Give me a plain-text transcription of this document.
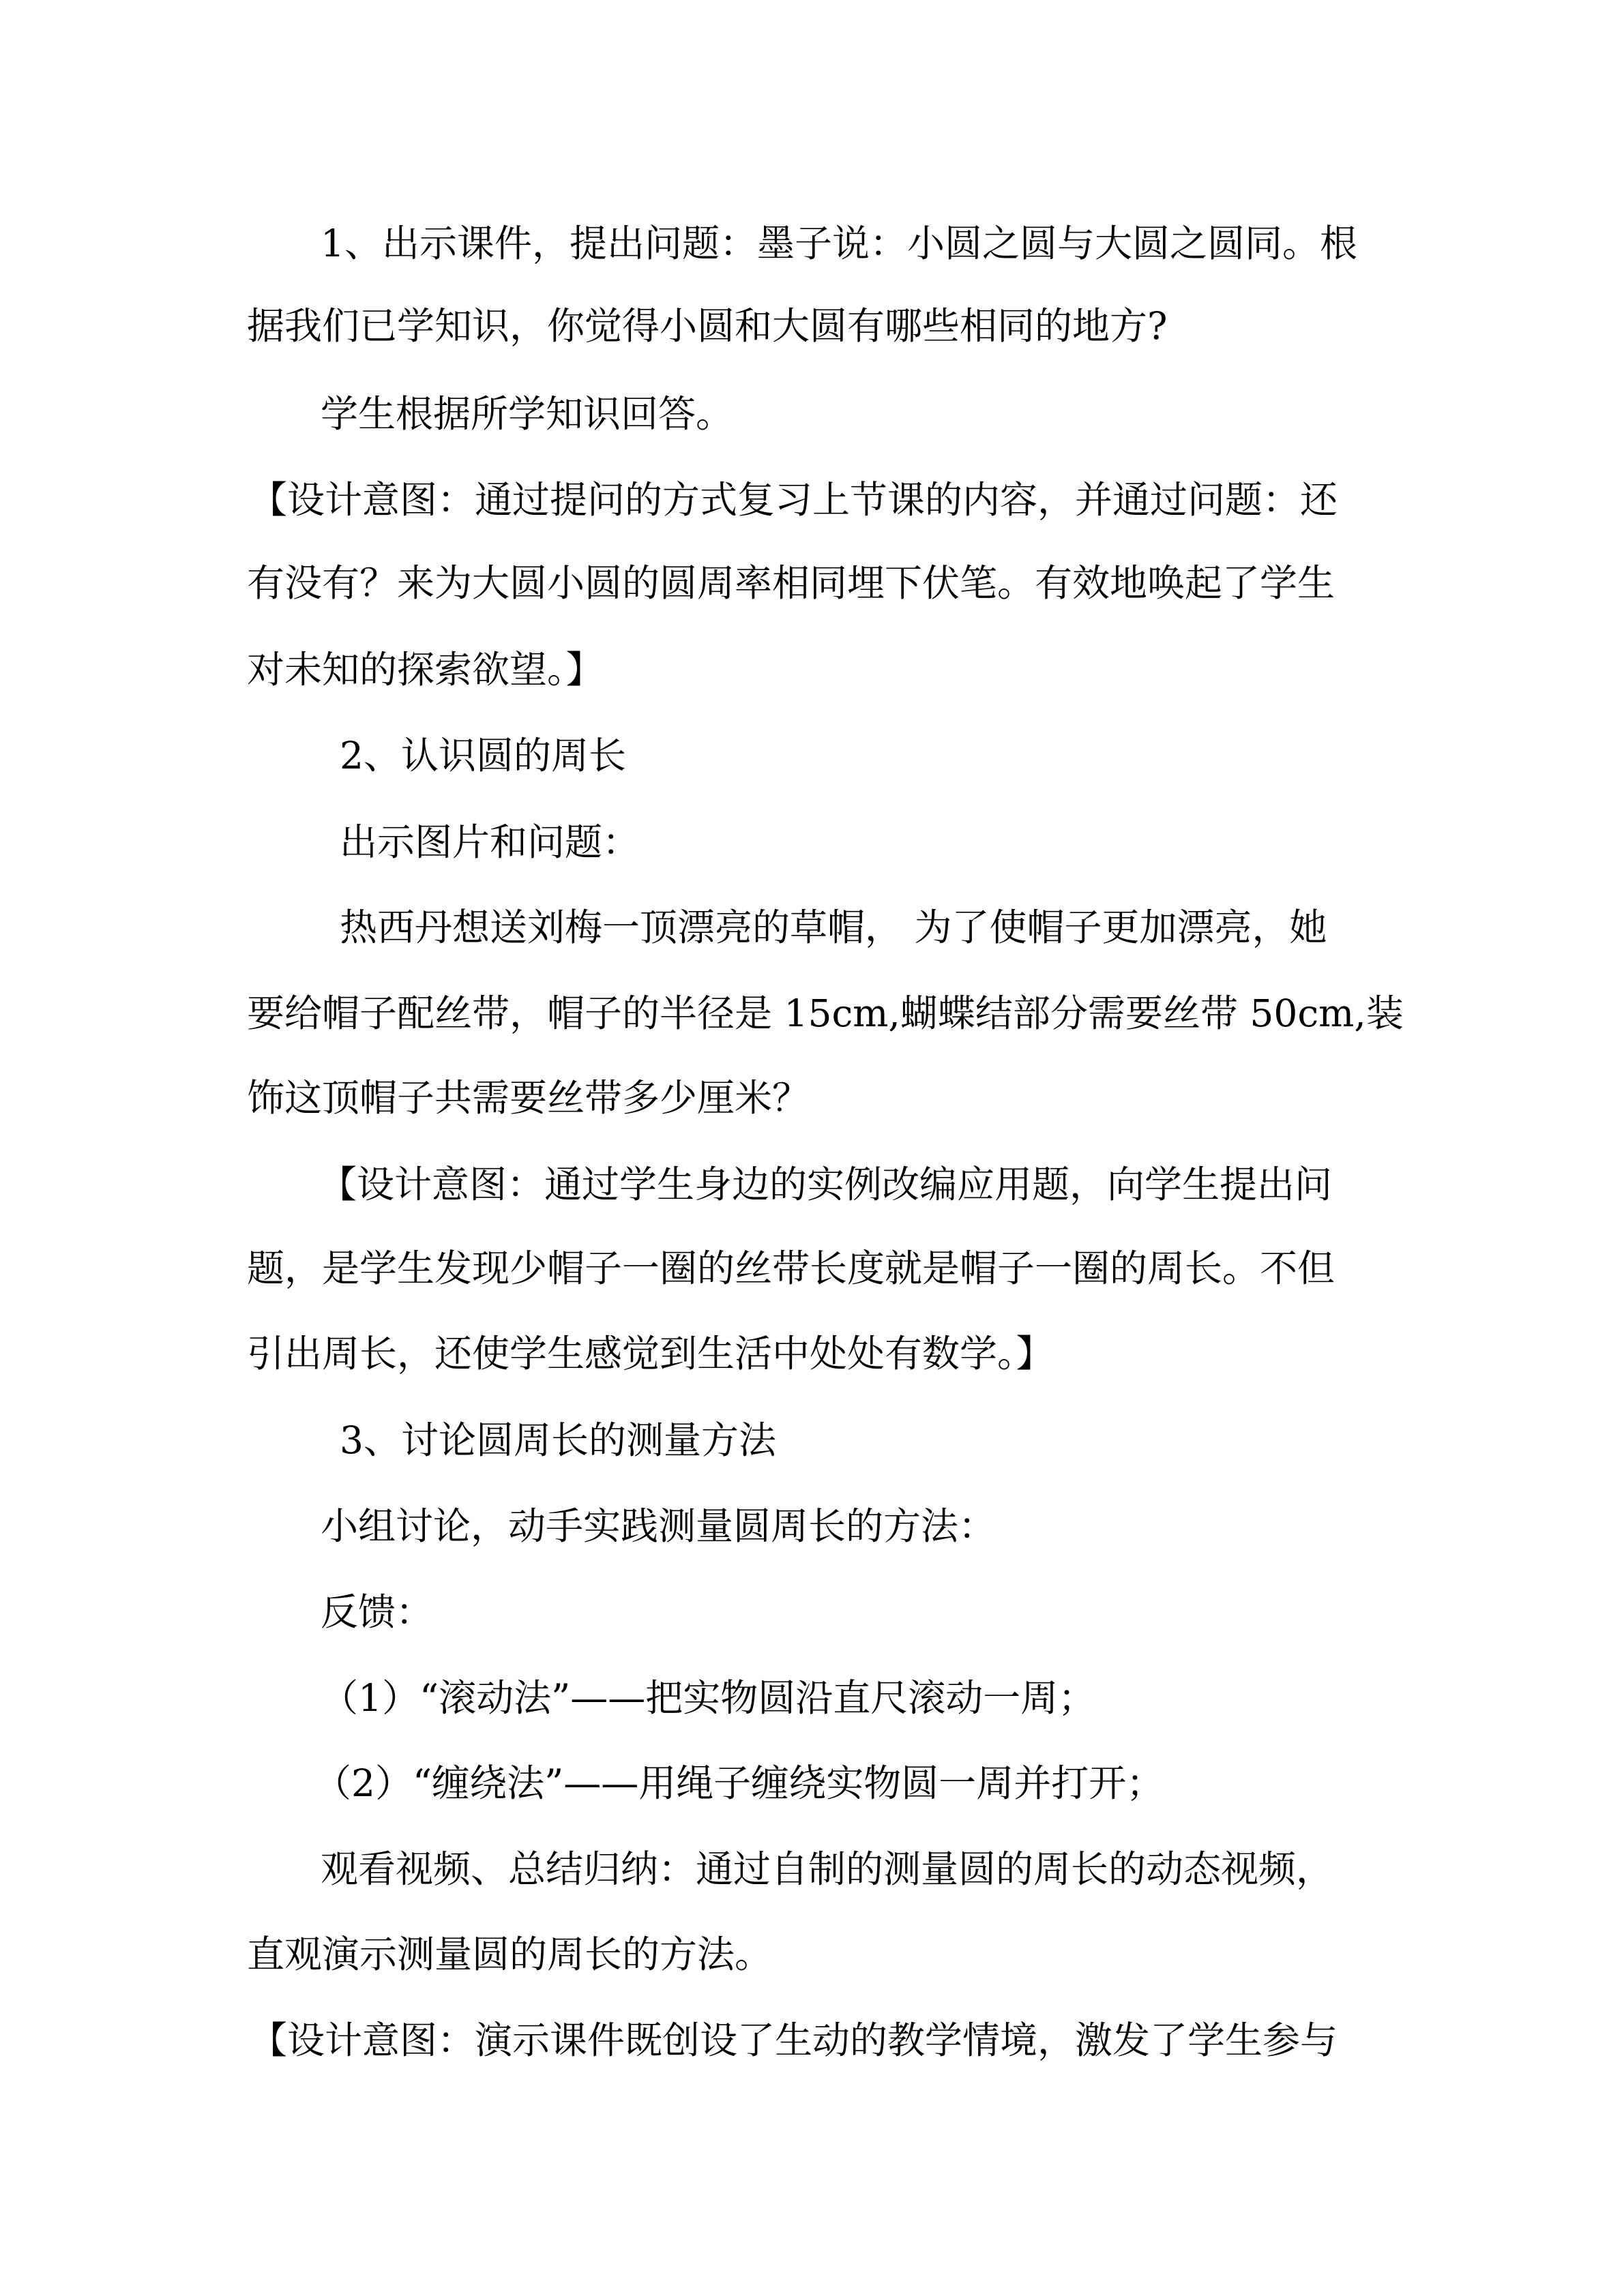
1、出示课件，提出问题：墨子说：小圆之圆与大圆之圆同。根
据我们已学知识，你觉得小圆和大圆有哪些相同的地方?
学生根据所学知识回答。
【设计意图：通过提问的方式复习上节课的内容，并通过问题：还
有没有？来为大圆小圆的圆周率相同埋下伏笔。有效地唤起了学生
对未知的探索欲望。】
2、认识圆的周长
出示图片和问题：
热西丹想送刘梅一顶漂亮的草帽， 为了使帽子更加漂亮，她
要给帽子配丝带，帽子的半径是 15cm,蝴蝶结部分需要丝带 50cm,装
饰这顶帽子共需要丝带多少厘米？
【设计意图：通过学生身边的实例改编应用题，向学生提出问
题，是学生发现少帽子一圈的丝带长度就是帽子一圈的周长。不但
引出周长，还使学生感觉到生活中处处有数学。】
3、讨论圆周长的测量方法
小组讨论，动手实践测量圆周长的方法：
反馈：
（1）“滚动法”——把实物圆沿直尺滚动一周；
（2）“缠绕法”——用绳子缠绕实物圆一周并打开；
观看视频、总结归纳：通过自制的测量圆的周长的动态视频，
直观演示测量圆的周长的方法。
【设计意图：演示课件既创设了生动的教学情境，激发了学生参与
